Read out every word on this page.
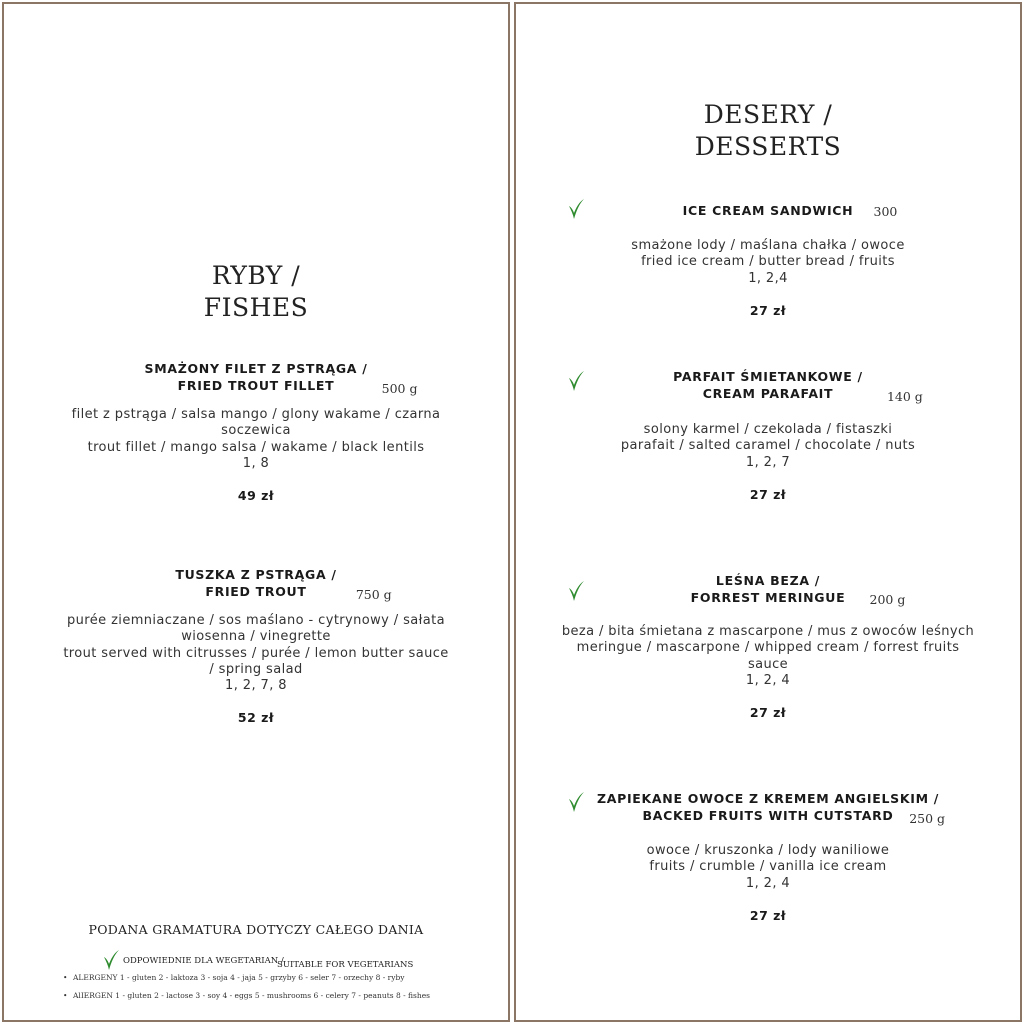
RYBY /
FISHES
SMAŻONY FILET Z PSTRĄGA /
FRIED TROUT FILLET	500 g
filet z pstrąga / salsa mango / glony wakame / czarna
soczewica
trout fillet / mango salsa / wakame / black lentils
1, 8
49 zł
TUSZKA Z PSTRĄGA /
FRIED TROUT	750 g
purée ziemniaczane / sos maślano - cytrynowy / sałata
wiosenna / vinegrette
trout served with citrusses / purée / lemon butter sauce
/ spring salad
1, 2, 7, 8
52 zł
PODANA GRAMATURA DOTYCZY CAŁEGO DANIA
ODPOWIEDNIE DLA WEGETARIAN /
SUITABLE FOR VEGETARIANS
• ALERGENY 1 - gluten 2 - laktoza 3 - soja 4 - jaja 5 - grzyby 6 - seler 7 - orzechy 8 - ryby
• AlIERGEN 1 - gluten 2 - lactose 3 - soy 4 - eggs 5 - mushrooms 6 - celery 7 - peanuts 8 - fishes
DESERY /
DESSERTS
ICE CREAM SANDWICH 300
smażone lody / maślana chałka / owoce
fried ice cream / butter bread / fruits
1, 2,4
27 zł
PARFAIT ŚMIETANKOWE /
CREAM PARAFAIT	140 g
solony karmel / czekolada / fistaszki
parafait / salted caramel / chocolate / nuts
1, 2, 7
27 zł
LEŚNA BEZA /
FORREST MERINGUE 200 g
beza / bita śmietana z mascarpone / mus z owoców leśnych
meringue / mascarpone / whipped cream / forrest fruits
sauce
1, 2, 4
27 zł
ZAPIEKANE OWOCE Z KREMEM ANGIELSKIM /
BACKED FRUITS WITH CUTSTARD	250 g
owoce / kruszonka / lody waniliowe
fruits / crumble / vanilla ice cream
1, 2, 4
27 zł
